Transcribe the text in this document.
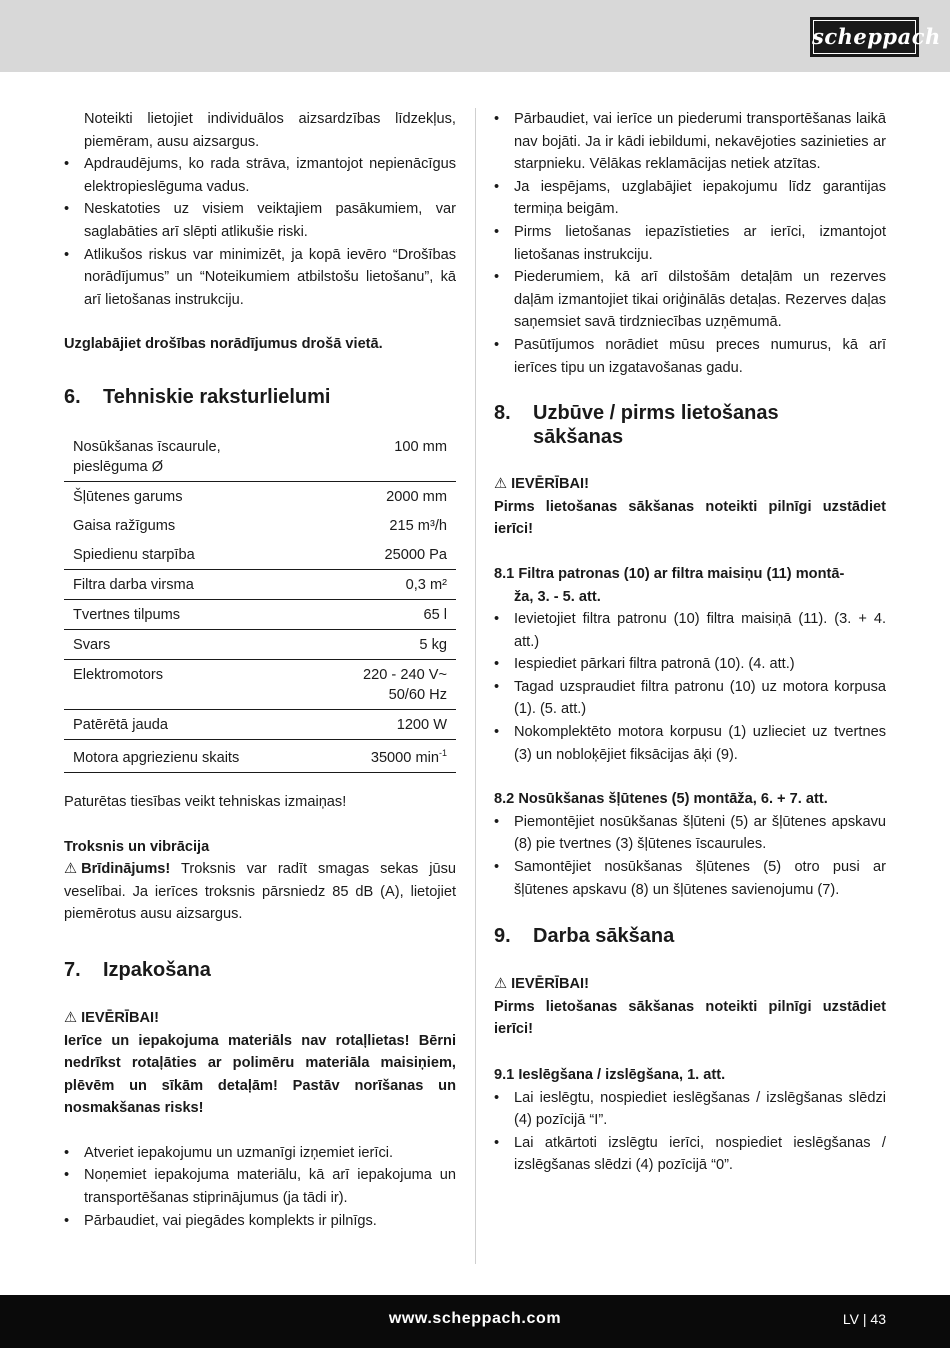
scheppach

Noteikti lietojiet individuālos aizsardzības līdzekļus, piemēram, ausu aizsargus.

• Apdraudējums, ko rada strāva, izmantojot nepienācīgus elektropieslēguma vadus.
• Neskatoties uz visiem veiktajiem pasākumiem, var saglabāties arī slēpti atlikušie riski.
• Atlikušos riskus var minimizēt, ja kopā ievēro “Drošības norādījumus” un “Noteikumiem atbilstošu lietošanu”, kā arī lietošanas instrukciju.

Uzglabājiet drošības norādījumus drošā vietā.

6.	Tehniskie raksturlielumi
Nosūkšanas īscaurule, pieslēguma Ø	100 mm
Šļūtenes garums	2000 mm
Gaisa ražīgums	215 m³/h
Spiedienu starpība	25000 Pa
Filtra darba virsma	0,3 m²
Tvertnes tilpums	65 l
Svars	5 kg
Elektromotors	220 - 240 V~
50/60 Hz

Patērētā jauda	1200 W
Motora apgriezienu skaits	35000 $\min^{-1}$

Paturētas tiesības veikt tehniskas izmaiņas!

Troksnis un vibrācija

⚠ Brīdinājums! Troksnis var radīt smagas sekas jūsu veselībai. Ja ierīces troksnis pārsniedz 85 dB (A), lietojiet piemērotus ausu aizsargus.

7.	Izpakošana

⚠ IEVĒRĪBAI!

Ierīce un iepakojuma materiāls nav rotaļlietas! Bērni nedrīkst rotaļāties ar polimēru materiāla maisiņiem, plēvēm un sīkām detaļām! Pastāv norīšanas un nosmakšanas risks!

• Atveriet iepakojumu un uzmanīgi izņemiet ierīci.
• Noņemiet iepakojuma materiālu, kā arī iepakojuma un transportēšanas stiprinājumus (ja tādi ir).
• Pārbaudiet, vai piegādes komplekts ir pilnīgs.
• Pārbaudiet, vai ierīce un piederumi transportēšanas laikā nav bojāti. Ja ir kādi iebildumi, nekavējoties sazinieties ar starpnieku. Vēlākas reklamācijas netiek atzītas.
• Ja iespējams, uzglabājiet iepakojumu līdz garantijas termiņa beigām.
• Pirms lietošanas iepazīstieties ar ierīci, izmantojot lietošanas instrukciju.
• Piederumiem, kā arī dilstošām detaļām un rezerves daļām izmantojiet tikai oriģinālās detaļas. Rezerves daļas saņemsiet savā tirdzniecības uzņēmumā.
• Pasūtījumos norādiet mūsu preces numurus, kā arī ierīces tipu un izgatavošanas gadu.
8.	Uzbūve / pirms lietošanas
sākšanas

⚠ IEVĒRĪBAI!

Pirms lietošanas sākšanas noteikti pilnīgi uzstādiet ierīci!

8.1 Filtra patronas (10) ar filtra maisiņu (11) montā-
ža, 3. - 5. att.

• Ievietojiet filtra patronu (10) filtra maisiņā (11). (3. + 4. att.)
• Iespiediet pārkari filtra patronā (10). (4. att.)
• Tagad uzspraudiet filtra patronu (10) uz motora korpusa (1). (5. att.)
• Nokomplektēto motora korpusu (1) uzlieciet uz tvertnes (3) un nobloķējiet fiksācijas āķi (9).

8.2 Nosūkšanas šļūtenes (5) montāža, 6. + 7. att.

• Piemontējiet nosūkšanas šļūteni (5) ar šļūtenes apskavu (8) pie tvertnes (3) šļūtenes īscaurules.
• Samontējiet nosūkšanas šļūtenes (5) otro pusi ar šļūtenes apskavu (8) un šļūtenes savienojumu (7).
9.	Darba sākšana

⚠ IEVĒRĪBAI!

Pirms lietošanas sākšanas noteikti pilnīgi uzstādiet ierīci!

9.1 Ieslēgšana / izslēgšana, 1. att.

• Lai ieslēgtu, nospiediet ieslēgšanas / izslēgšanas slēdzi (4) pozīcijā “I”.
• Lai atkārtoti izslēgtu ierīci, nospiediet ieslēgšanas / izslēgšanas slēdzi (4) pozīcijā “0”.
www.scheppach.com	LV | 43
